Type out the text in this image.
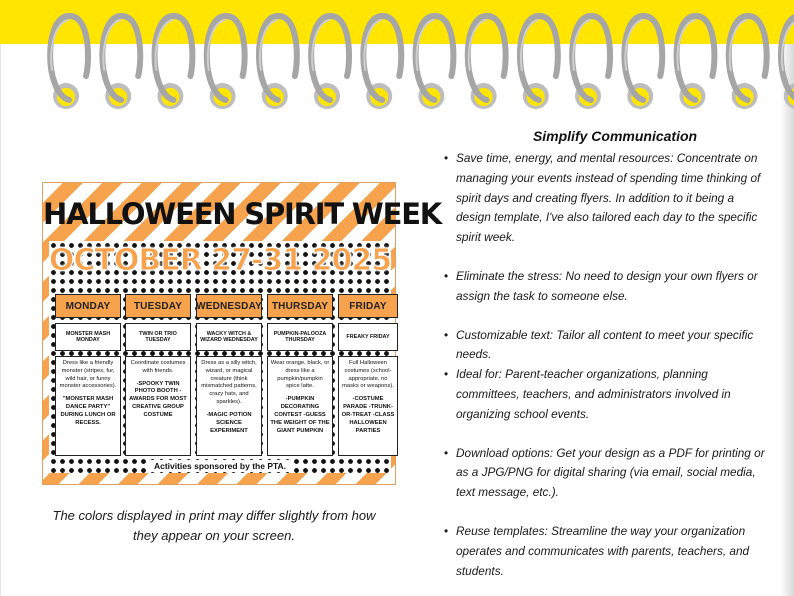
HALLOWEEN SPIRIT WEEK
OCTOBER 27-31 2025
MONDAY
MONSTER MASH MONDAY
Dress like a friendly monster (stripes, fur, wild hair, or funny monster accessories).
"MONSTER MASH DANCE PARTY" DURING LUNCH OR RECESS.
TUESDAY
TWIN OR TRIO TUESDAY
Coordinate costumes with friends.
-SPOOKY TWIN PHOTO BOOTH -AWARDS FOR MOST CREATIVE GROUP COSTUME
WEDNESDAY
WACKY WITCH & WIZARD WEDNESDAY
Dress as a silly witch, wizard, or magical creature (think mismatched patterns, crazy hats, and sparkles).
-MAGIC POTION SCIENCE EXPERIMENT
THURSDAY
PUMPKIN-PALOOZA THURSDAY
Wear orange, black, or dress like a pumpkin/pumpkin spice latte.
-PUMPKIN DECORATING CONTEST -GUESS THE WEIGHT OF THE GIANT PUMPKIN
FRIDAY
FREAKY FRIDAY
Full Halloween costumes (school-appropriate, no masks or weapons).
-COSTUME PARADE -TRUNK-OR-TREAT -CLASS HALLOWEEN PARTIES
Activities sponsored by the PTA.
The colors displayed in print may differ slightly from how they appear on your screen.
Simplify Communication
• Save time, energy, and mental resources: Concentrate on managing your events instead of spending time thinking of spirit days and creating flyers. In addition to it being a design template, I've also tailored each day to the specific spirit week.
• Eliminate the stress: No need to design your own flyers or assign the task to someone else.
• Customizable text: Tailor all content to meet your specific needs.
• Ideal for: Parent-teacher organizations, planning committees, teachers, and administrators involved in organizing school events.
• Download options: Get your design as a PDF for printing or as a JPG/PNG for digital sharing (via email, social media, text message, etc.).
• Reuse templates: Streamline the way your organization operates and communicates with parents, teachers, and students.
